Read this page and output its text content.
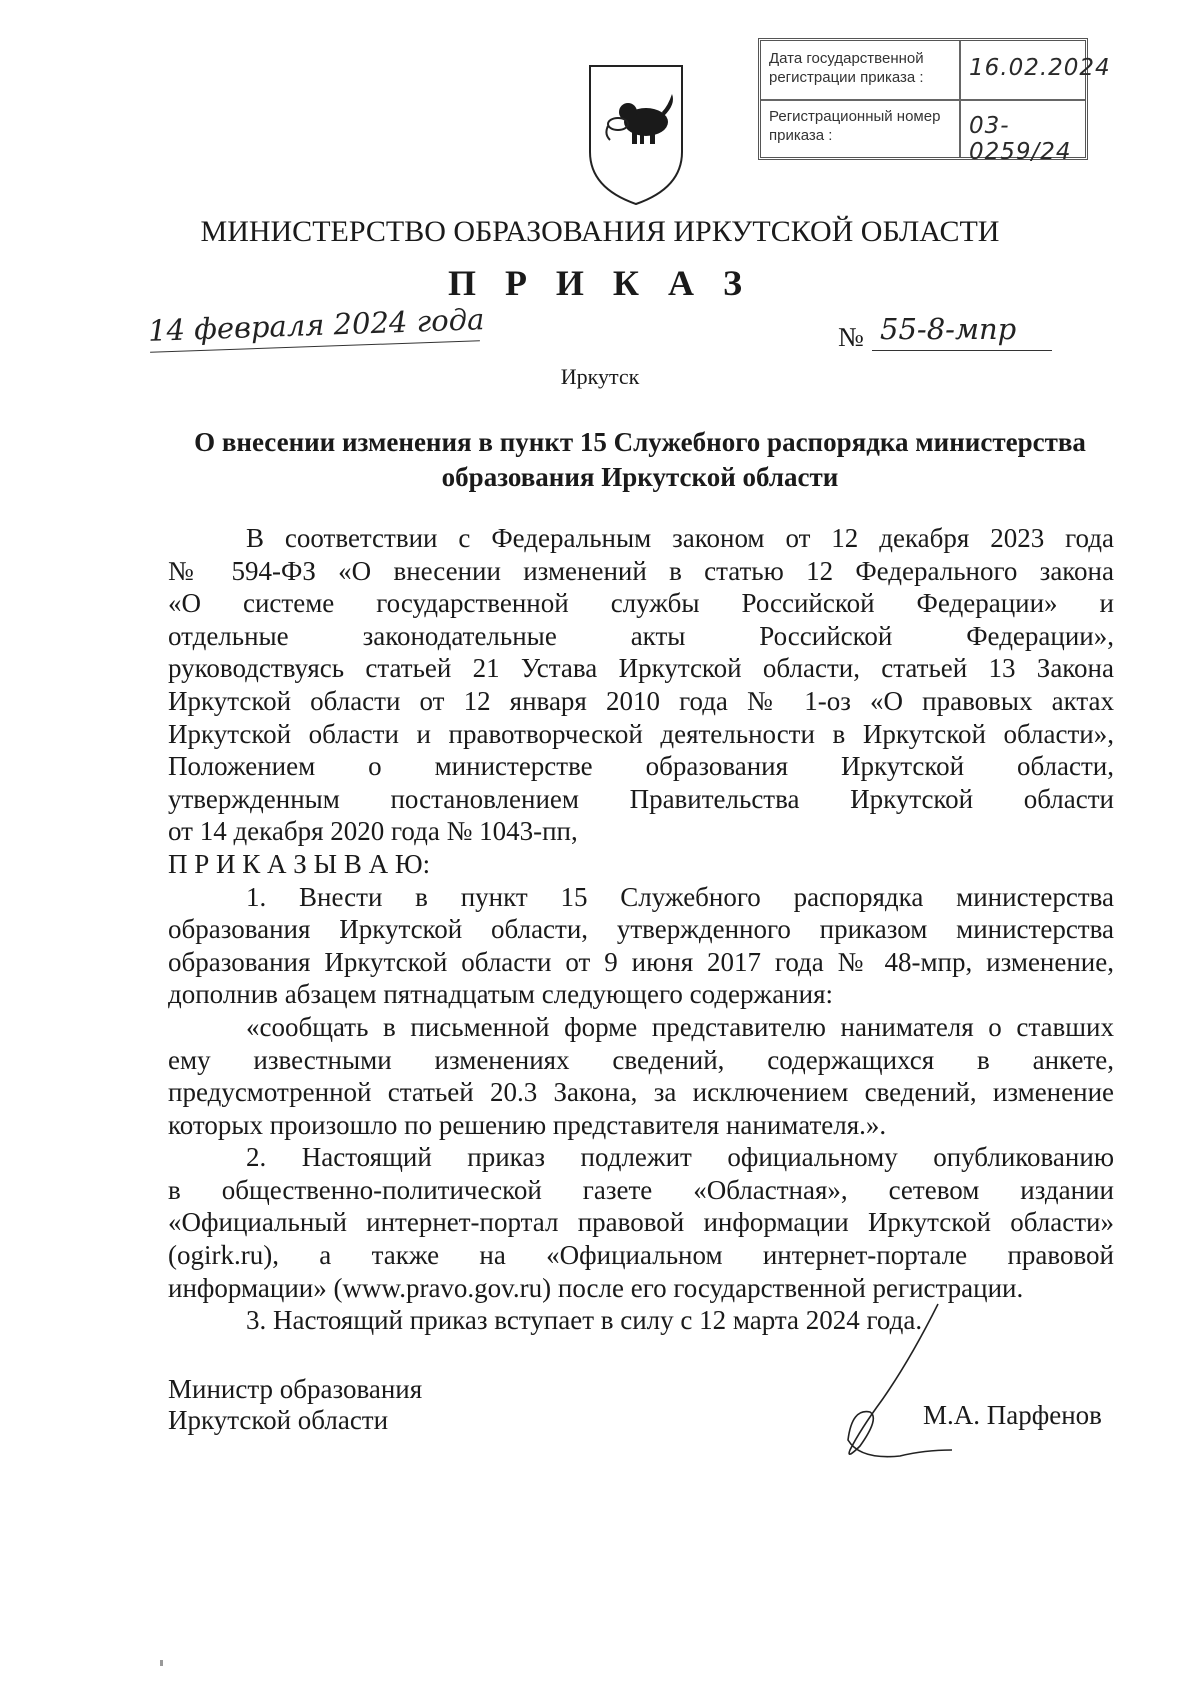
Дата государственной регистрации приказа :	16.02.2024
Регистрационный номер приказа :	03-0259/24
МИНИСТЕРСТВО ОБРАЗОВАНИЯ ИРКУТСКОЙ ОБЛАСТИ
П Р И К А З
14 февраля 2024 года	№ 55-8-мпр
Иркутск
О внесении изменения в пункт 15 Служебного распорядка министерства
образования Иркутской области
В соответствии с Федеральным законом от 12 декабря 2023 года
№ 594-ФЗ «О внесении изменений в статью 12 Федерального закона
«О системе государственной службы Российской Федерации» и
отдельные законодательные акты Российской Федерации»,
руководствуясь статьей 21 Устава Иркутской области, статьей 13 Закона
Иркутской области от 12 января 2010 года № 1-оз «О правовых актах
Иркутской области и правотворческой деятельности в Иркутской области»,
Положением о министерстве образования Иркутской области,
утвержденным постановлением Правительства Иркутской области
от 14 декабря 2020 года № 1043-пп,
П Р И К А З Ы В А Ю:
1. Внести в пункт 15 Служебного распорядка министерства
образования Иркутской области, утвержденного приказом министерства
образования Иркутской области от 9 июня 2017 года № 48-мпр, изменение,
дополнив абзацем пятнадцатым следующего содержания:
«сообщать в письменной форме представителю нанимателя о ставших
ему известными изменениях сведений, содержащихся в анкете,
предусмотренной статьей 20.3 Закона, за исключением сведений, изменение
которых произошло по решению представителя нанимателя.».
2. Настоящий приказ подлежит официальному опубликованию
в общественно-политической газете «Областная», сетевом издании
«Официальный интернет-портал правовой информации Иркутской области»
(ogirk.ru), а также на «Официальном интернет-портале правовой
информации» (www.pravo.gov.ru) после его государственной регистрации.
3. Настоящий приказ вступает в силу с 12 марта 2024 года.
Министр образования
Иркутской области	М.А. Парфенов
